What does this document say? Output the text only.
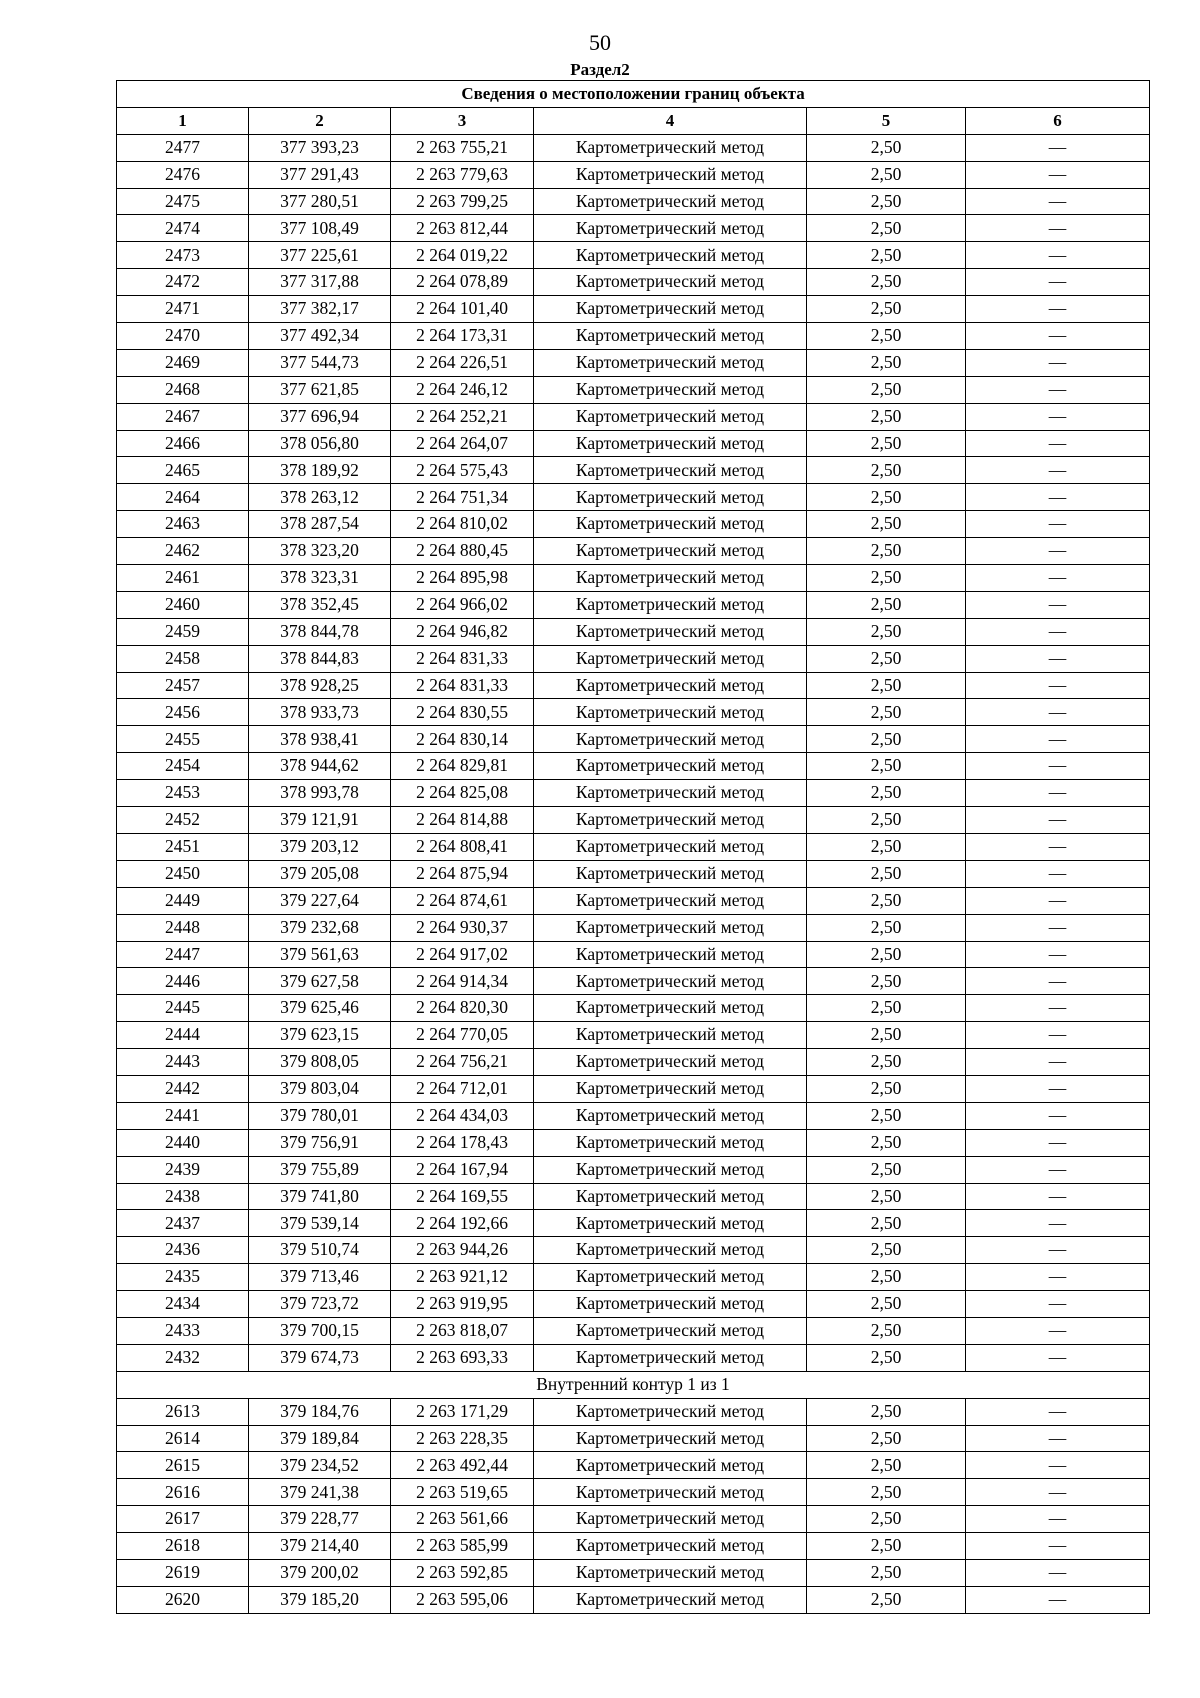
50
Раздел2
Сведения о местоположении границ объекта					
1	2	3	4	5	6
2477	377 393,23	2 263 755,21	Картометрический метод	2,50	—
2476	377 291,43	2 263 779,63	Картометрический метод	2,50	—
2475	377 280,51	2 263 799,25	Картометрический метод	2,50	—
2474	377 108,49	2 263 812,44	Картометрический метод	2,50	—
2473	377 225,61	2 264 019,22	Картометрический метод	2,50	—
2472	377 317,88	2 264 078,89	Картометрический метод	2,50	—
2471	377 382,17	2 264 101,40	Картометрический метод	2,50	—
2470	377 492,34	2 264 173,31	Картометрический метод	2,50	—
2469	377 544,73	2 264 226,51	Картометрический метод	2,50	—
2468	377 621,85	2 264 246,12	Картометрический метод	2,50	—
2467	377 696,94	2 264 252,21	Картометрический метод	2,50	—
2466	378 056,80	2 264 264,07	Картометрический метод	2,50	—
2465	378 189,92	2 264 575,43	Картометрический метод	2,50	—
2464	378 263,12	2 264 751,34	Картометрический метод	2,50	—
2463	378 287,54	2 264 810,02	Картометрический метод	2,50	—
2462	378 323,20	2 264 880,45	Картометрический метод	2,50	—
2461	378 323,31	2 264 895,98	Картометрический метод	2,50	—
2460	378 352,45	2 264 966,02	Картометрический метод	2,50	—
2459	378 844,78	2 264 946,82	Картометрический метод	2,50	—
2458	378 844,83	2 264 831,33	Картометрический метод	2,50	—
2457	378 928,25	2 264 831,33	Картометрический метод	2,50	—
2456	378 933,73	2 264 830,55	Картометрический метод	2,50	—
2455	378 938,41	2 264 830,14	Картометрический метод	2,50	—
2454	378 944,62	2 264 829,81	Картометрический метод	2,50	—
2453	378 993,78	2 264 825,08	Картометрический метод	2,50	—
2452	379 121,91	2 264 814,88	Картометрический метод	2,50	—
2451	379 203,12	2 264 808,41	Картометрический метод	2,50	—
2450	379 205,08	2 264 875,94	Картометрический метод	2,50	—
2449	379 227,64	2 264 874,61	Картометрический метод	2,50	—
2448	379 232,68	2 264 930,37	Картометрический метод	2,50	—
2447	379 561,63	2 264 917,02	Картометрический метод	2,50	—
2446	379 627,58	2 264 914,34	Картометрический метод	2,50	—
2445	379 625,46	2 264 820,30	Картометрический метод	2,50	—
2444	379 623,15	2 264 770,05	Картометрический метод	2,50	—
2443	379 808,05	2 264 756,21	Картометрический метод	2,50	—
2442	379 803,04	2 264 712,01	Картометрический метод	2,50	—
2441	379 780,01	2 264 434,03	Картометрический метод	2,50	—
2440	379 756,91	2 264 178,43	Картометрический метод	2,50	—
2439	379 755,89	2 264 167,94	Картометрический метод	2,50	—
2438	379 741,80	2 264 169,55	Картометрический метод	2,50	—
2437	379 539,14	2 264 192,66	Картометрический метод	2,50	—
2436	379 510,74	2 263 944,26	Картометрический метод	2,50	—
2435	379 713,46	2 263 921,12	Картометрический метод	2,50	—
2434	379 723,72	2 263 919,95	Картометрический метод	2,50	—
2433	379 700,15	2 263 818,07	Картометрический метод	2,50	—
2432	379 674,73	2 263 693,33	Картометрический метод	2,50	—
Внутренний контур 1 из 1					
2613	379 184,76	2 263 171,29	Картометрический метод	2,50	—
2614	379 189,84	2 263 228,35	Картометрический метод	2,50	—
2615	379 234,52	2 263 492,44	Картометрический метод	2,50	—
2616	379 241,38	2 263 519,65	Картометрический метод	2,50	—
2617	379 228,77	2 263 561,66	Картометрический метод	2,50	—
2618	379 214,40	2 263 585,99	Картометрический метод	2,50	—
2619	379 200,02	2 263 592,85	Картометрический метод	2,50	—
2620	379 185,20	2 263 595,06	Картометрический метод	2,50	—
